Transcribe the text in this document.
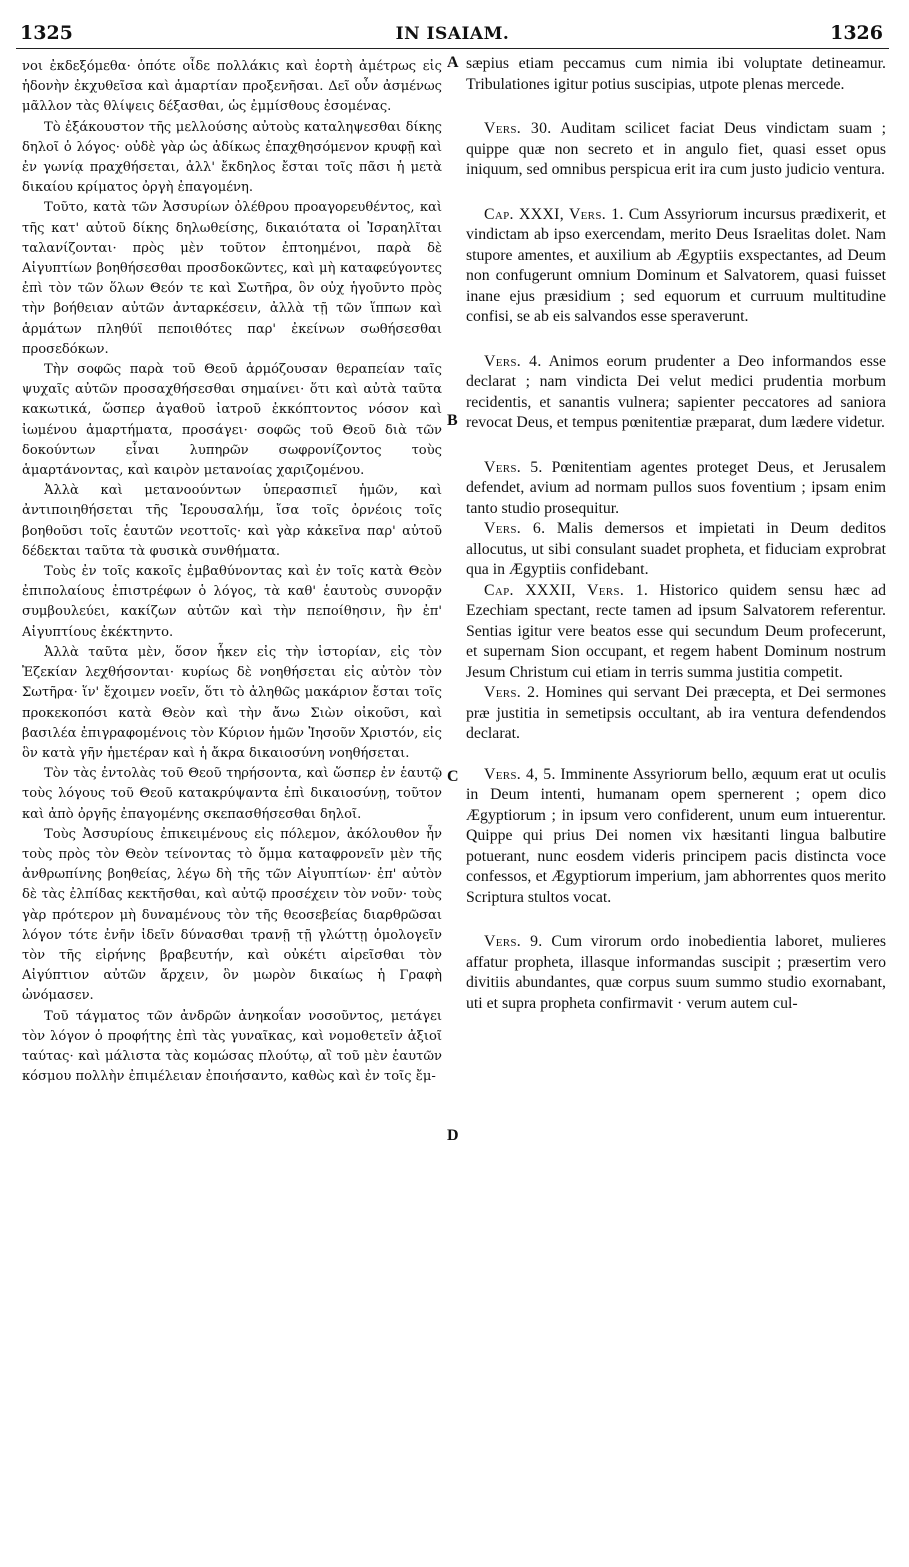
1325	IN ISAIAM.	1326
A
B
C
D

νοι ἐκδεξόμεθα· ὁπότε οἶδε πολλάκις καὶ ἑορτὴ ἀμέτρως εἰς ἡδονὴν ἐκχυθεῖσα καὶ ἁμαρτίαν προξενῆσαι. Δεῖ οὖν ἀσμένως μᾶλλον τὰς θλίψεις δέξασθαι, ὡς ἐμμίσθους ἐσομένας.

Τὸ ἐξάκουστον τῆς μελλούσης αὐτοὺς καταληψεσθαι δίκης δηλοῖ ὁ λόγος· οὐδὲ γὰρ ὡς ἀδίκως ἐπαχθησόμενον κρυφῇ καὶ ἐν γωνίᾳ πραχθήσεται, ἀλλ' ἔκδηλος ἔσται τοῖς πᾶσι ἡ μετὰ δικαίου κρίματος ὀργὴ ἐπαγομένη.

Τοῦτο, κατὰ τῶν Ἀσσυρίων ὀλέθρου προαγορευθέντος, καὶ τῆς κατ' αὐτοῦ δίκης δηλωθείσης, δικαιότατα οἱ Ἰσραηλῖται ταλανίζονται· πρὸς μὲν τοῦτον ἐπτοημένοι, παρὰ δὲ Αἰγυπτίων βοηθήσεσθαι προσδοκῶντες, καὶ μὴ καταφεύγοντες ἐπὶ τὸν τῶν ὅλων Θεόν τε καὶ Σωτῆρα, ὃν οὐχ ἡγοῦντο πρὸς τὴν βοήθειαν αὐτῶν ἀνταρκέσειν, ἀλλὰ τῇ τῶν ἵππων καὶ ἁρμάτων πληθύϊ πεποιθότες παρ' ἐκείνων σωθήσεσθαι προσεδόκων.

Τὴν σοφῶς παρὰ τοῦ Θεοῦ ἁρμόζουσαν θεραπείαν ταῖς ψυχαῖς αὐτῶν προσαχθήσεσθαι σημαίνει· ὅτι καὶ αὐτὰ ταῦτα κακωτικά, ὥσπερ ἀγαθοῦ ἰατροῦ ἐκκόπτοντος νόσον καὶ ἰωμένου ἁμαρτήματα, προσάγει· σοφῶς τοῦ Θεοῦ διὰ τῶν δοκούντων εἶναι λυπηρῶν σωφρονίζοντος τοὺς ἁμαρτάνοντας, καὶ καιρὸν μετανοίας χαριζομένου.

Ἀλλὰ καὶ μετανοούντων ὑπερασπιεῖ ἡμῶν, καὶ ἀντιποιηθήσεται τῆς Ἱερουσαλήμ, ἴσα τοῖς ὀρνέοις τοῖς βοηθοῦσι τοῖς ἑαυτῶν νεοττοῖς· καὶ γὰρ κἀκεῖνα παρ' αὐτοῦ δέδεκται ταῦτα τὰ φυσικὰ συνθήματα.

Τοὺς ἐν τοῖς κακοῖς ἐμβαθύνοντας καὶ ἐν τοῖς κατὰ Θεὸν ἐπιπολαίους ἐπιστρέφων ὁ λόγος, τὰ καθ' ἑαυτοὺς συνορᾷν συμβουλεύει, κακίζων αὐτῶν καὶ τὴν πεποίθησιν, ἣν ἐπ' Αἰγυπτίους ἐκέκτηντο.

Ἀλλὰ ταῦτα μὲν, ὅσον ἧκεν εἰς τὴν ἱστορίαν, εἰς τὸν Ἐζεκίαν λεχθήσονται· κυρίως δὲ νοηθήσεται εἰς αὐτὸν τὸν Σωτῆρα· ἵν' ἔχοιμεν νοεῖν, ὅτι τὸ ἀληθῶς μακάριον ἔσται τοῖς προκεκοπόσι κατὰ Θεὸν καὶ τὴν ἄνω Σιὼν οἰκοῦσι, καὶ βασιλέα ἐπιγραφομένοις τὸν Κύριον ἡμῶν Ἰησοῦν Χριστόν, εἰς ὃν κατὰ γῆν ἡμετέραν καὶ ἡ ἄκρα δικαιοσύνη νοηθήσεται.

Τὸν τὰς ἐντολὰς τοῦ Θεοῦ τηρήσοντα, καὶ ὥσπερ ἐν ἑαυτῷ τοὺς λόγους τοῦ Θεοῦ κατακρύψαντα ἐπὶ δικαιοσύνῃ, τοῦτον καὶ ἀπὸ ὀργῆς ἐπαγομένης σκεπασθήσεσθαι δηλοῖ.

Τοὺς Ἀσσυρίους ἐπικειμένους εἰς πόλεμον, ἀκόλουθον ἦν τοὺς πρὸς τὸν Θεὸν τείνοντας τὸ ὄμμα καταφρονεῖν μὲν τῆς ἀνθρωπίνης βοηθείας, λέγω δὴ τῆς τῶν Αἰγυπτίων· ἐπ' αὐτὸν δὲ τὰς ἐλπίδας κεκτῆσθαι, καὶ αὐτῷ προσέχειν τὸν νοῦν· τοὺς γὰρ πρότερον μὴ δυναμένους τὸν τῆς θεοσεβείας διαρθρῶσαι λόγον τότε ἐνῆν ἰδεῖν δύνασθαι τρανῇ τῇ γλώττῃ ὁμολογεῖν τὸν τῆς εἰρήνης βραβευτήν, καὶ οὐκέτι αἱρεῖσθαι τὸν Αἰγύπτιον αὐτῶν ἄρχειν, ὃν μωρὸν δικαίως ἡ Γραφὴ ὠνόμασεν.

Τοῦ τάγματος τῶν ἀνδρῶν ἀνηκοΐαν νοσοῦντος, μετάγει τὸν λόγον ὁ προφήτης ἐπὶ τὰς γυναῖκας, καὶ νομοθετεῖν ἀξιοῖ ταύτας· καὶ μάλιστα τὰς κομώσας πλούτῳ, αἳ τοῦ μὲν ἑαυτῶν κόσμου πολλὴν ἐπιμέλειαν ἐποιήσαντο, καθὼς καὶ ἐν τοῖς ἔμ-

sæpius etiam peccamus cum nimia ibi voluptate detineamur. Tribulationes igitur potius suscipias, utpote plenas mercede.

Vers. 30. Auditam scilicet faciat Deus vindictam suam ; quippe quæ non secreto et in angulo fiet, quasi esset opus iniquum, sed omnibus perspicua erit ira cum justo judicio ventura.

Cap. XXXI, Vers. 1. Cum Assyriorum incursus prædixerit, et vindictam ab ipso exercendam, merito Deus Israelitas dolet. Nam stupore amentes, et auxilium ab Ægyptiis exspectantes, ad Deum non confugerunt omnium Dominum et Salvatorem, quasi fuisset inane ejus præsidium ; sed equorum et curruum multitudine confisi, se ab eis salvandos esse speraverunt.

Vers. 4. Animos eorum prudenter a Deo informandos esse declarat ; nam vindicta Dei velut medici prudentia morbum recidentis, et sanantis vulnera; sapienter peccatores ad saniora revocat Deus, et tempus pœnitentiæ præparat, dum lædere videtur.

Vers. 5. Pœnitentiam agentes proteget Deus, et Jerusalem defendet, avium ad normam pullos suos foventium ; ipsam enim tanto studio prosequitur.

Vers. 6. Malis demersos et impietati in Deum deditos allocutus, ut sibi consulant suadet propheta, et fiduciam exprobrat qua in Ægyptiis confidebant.

Cap. XXXII, Vers. 1. Historico quidem sensu hæc ad Ezechiam spectant, recte tamen ad ipsum Salvatorem referentur. Sentias igitur vere beatos esse qui secundum Deum profecerunt, et supernam Sion occupant, et regem habent Dominum nostrum Jesum Christum cui etiam in terris summa justitia competit.

Vers. 2. Homines qui servant Dei præcepta, et Dei sermones præ justitia in semetipsis occultant, ab ira ventura defendendos declarat.

Vers. 4, 5. Imminente Assyriorum bello, æquum erat ut oculis in Deum intenti, humanam opem spernerent ; opem dico Ægyptiorum ; in ipsum vero confiderent, unum eum intuerentur. Quippe qui prius Dei nomen vix hæsitanti lingua balbutire potuerant, nunc eosdem videris principem pacis distincta voce confessos, et Ægyptiorum imperium, jam abhorrentes quos merito Scriptura stultos vocat.

Vers. 9. Cum virorum ordo inobedientia laboret, mulieres affatur propheta, illasque informandas suscipit ; præsertim vero divitiis abundantes, quæ corpus suum summo studio exornabant, uti et supra propheta confirmavit · verum autem cul-
